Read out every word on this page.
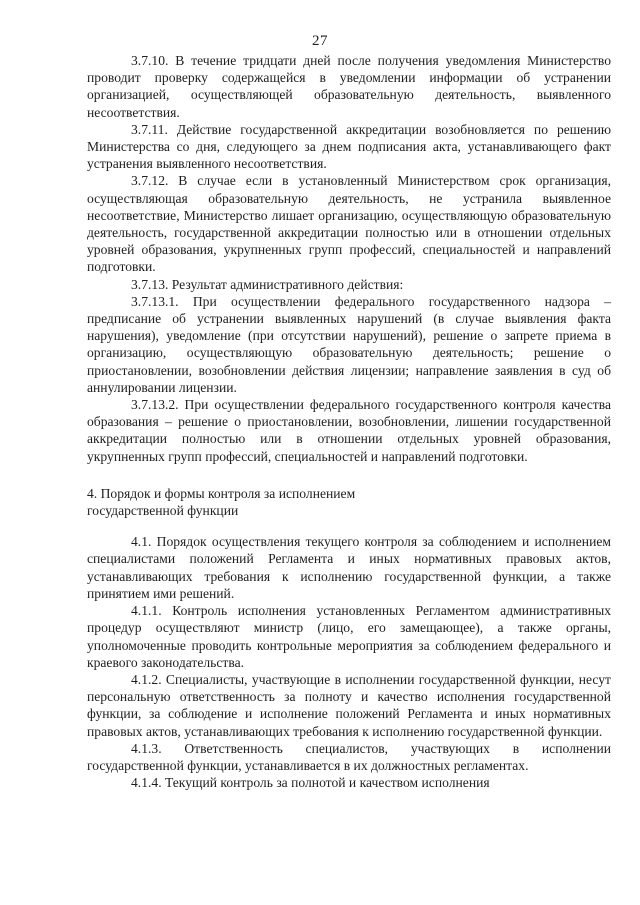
27

3.7.10. В течение тридцати дней после получения уведомления Министерство проводит проверку содержащейся в уведомлении информации об устранении организацией, осуществляющей образовательную деятельность, выявленного несоответствия.

3.7.11. Действие государственной аккредитации возобновляется по решению Министерства со дня, следующего за днем подписания акта, устанавливающего факт устранения выявленного несоответствия.

3.7.12. В случае если в установленный Министерством срок организация, осуществляющая образовательную деятельность, не устранила выявленное несоответствие, Министерство лишает организацию, осуществляющую образовательную деятельность, государственной аккредитации полностью или в отношении отдельных уровней образования, укрупненных групп профессий, специальностей и направлений подготовки.

3.7.13. Результат административного действия:

3.7.13.1. При осуществлении федерального государственного надзора – предписание об устранении выявленных нарушений (в случае выявления факта нарушения), уведомление (при отсутствии нарушений), решение о запрете приема в организацию, осуществляющую образовательную деятельность; решение о приостановлении, возобновлении действия лицензии; направление заявления в суд об аннулировании лицензии.

3.7.13.2. При осуществлении федерального государственного контроля качества образования – решение о приостановлении, возобновлении, лишении государственной аккредитации полностью или в отношении отдельных уровней образования, укрупненных групп профессий, специальностей и направлений подготовки.

4. Порядок и формы контроля за исполнением
государственной функции

4.1. Порядок осуществления текущего контроля за соблюдением и исполнением специалистами положений Регламента и иных нормативных правовых актов, устанавливающих требования к исполнению государственной функции, а также принятием ими решений.

4.1.1. Контроль исполнения установленных Регламентом административных процедур осуществляют министр (лицо, его замещающее), а также органы, уполномоченные проводить контрольные мероприятия за соблюдением федерального и краевого законодательства.

4.1.2. Специалисты, участвующие в исполнении государственной функции, несут персональную ответственность за полноту и качество исполнения государственной функции, за соблюдение и исполнение положений Регламента и иных нормативных правовых актов, устанавливающих требования к исполнению государственной функции.

4.1.3. Ответственность специалистов, участвующих в исполнении государственной функции, устанавливается в их должностных регламентах.

4.1.4. Текущий контроль за полнотой и качеством исполнения
